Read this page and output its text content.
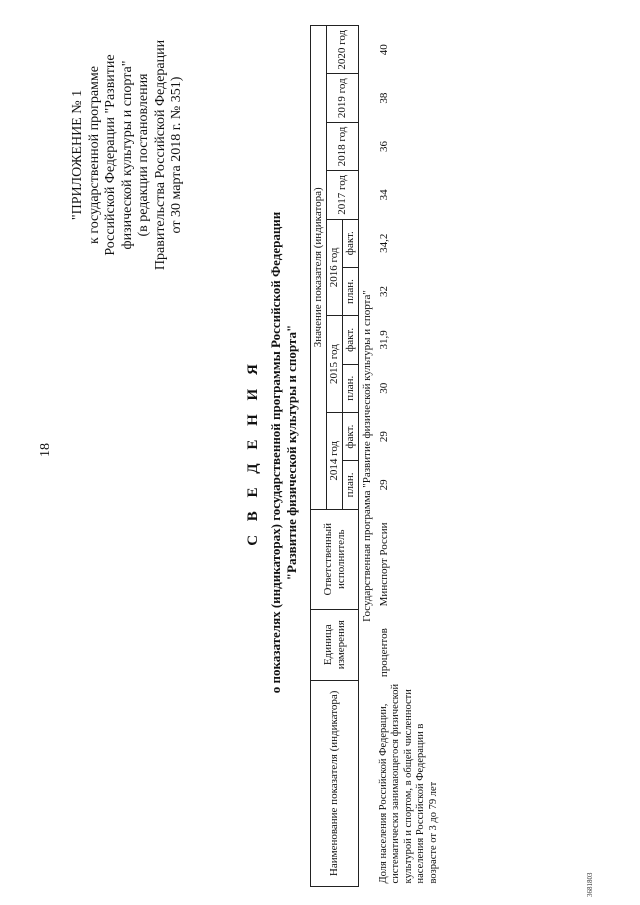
18
368180З
"ПРИЛОЖЕНИЕ № 1 к государственной программе Российской Федерации "Развитие физической культуры и спорта" (в редакции постановления Правительства Российской Федерации от 30 марта 2018 г. № 351)
С В Е Д Е Н И Я о показателях (индикаторах) государственной программы Российской Федерации "Развитие физической культуры и спорта"
Наименование показателя (индикатора)	Единица измерения	Ответственный исполнитель	Значение показателя (индикатора)									
			2014 год		2015 год		2016 год		2017 год	2018 год	2019 год	2020 год
			план.	факт.	план.	факт.	план.	факт.				
Государственная программа "Развитие физической культуры и спорта"												
Доля населения Российской Федерации, систематически занимающегося физической культурой и спортом, в общей численности населения Российской Федерации в возрасте от 3 до 79 лет	процентов	Минспорт России	29	29	30	31,9	32	34,2	34	36	38	40
